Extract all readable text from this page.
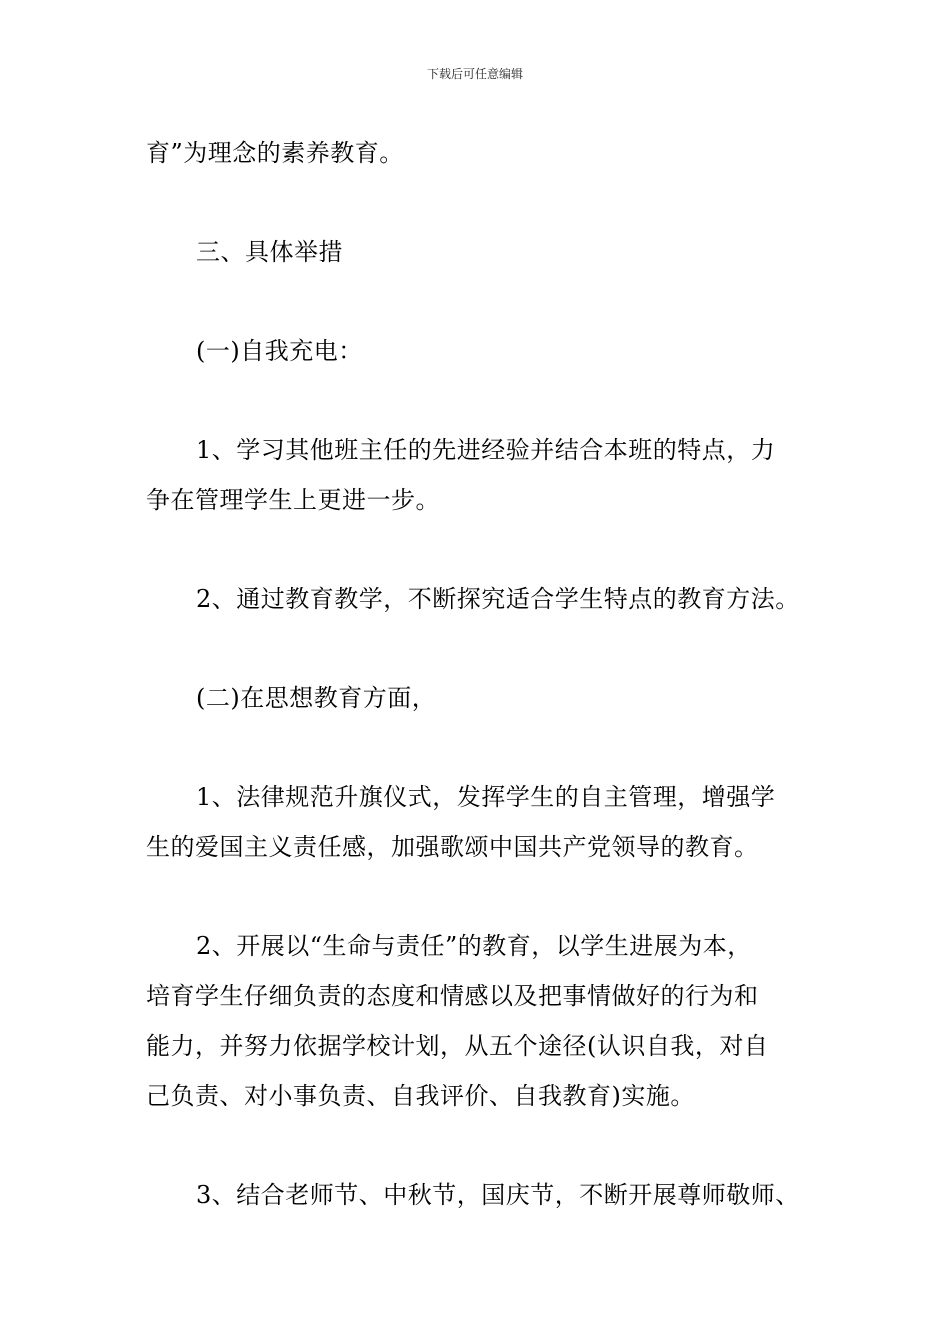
下载后可任意编辑

育”为理念的素养教育。

三、具体举措

(一)自我充电：

1、学习其他班主任的先进经验并结合本班的特点，力
争在管理学生上更进一步。

2、通过教育教学，不断探究适合学生特点的教育方法。

(二)在思想教育方面，

1、法律规范升旗仪式，发挥学生的自主管理，增强学
生的爱国主义责任感，加强歌颂中国共产党领导的教育。

2、开展以“生命与责任”的教育，以学生进展为本，
培育学生仔细负责的态度和情感以及把事情做好的行为和
能力，并努力依据学校计划，从五个途径(认识自我，对自
己负责、对小事负责、自我评价、自我教育)实施。

3、结合老师节、中秋节，国庆节，不断开展尊师敬师、
